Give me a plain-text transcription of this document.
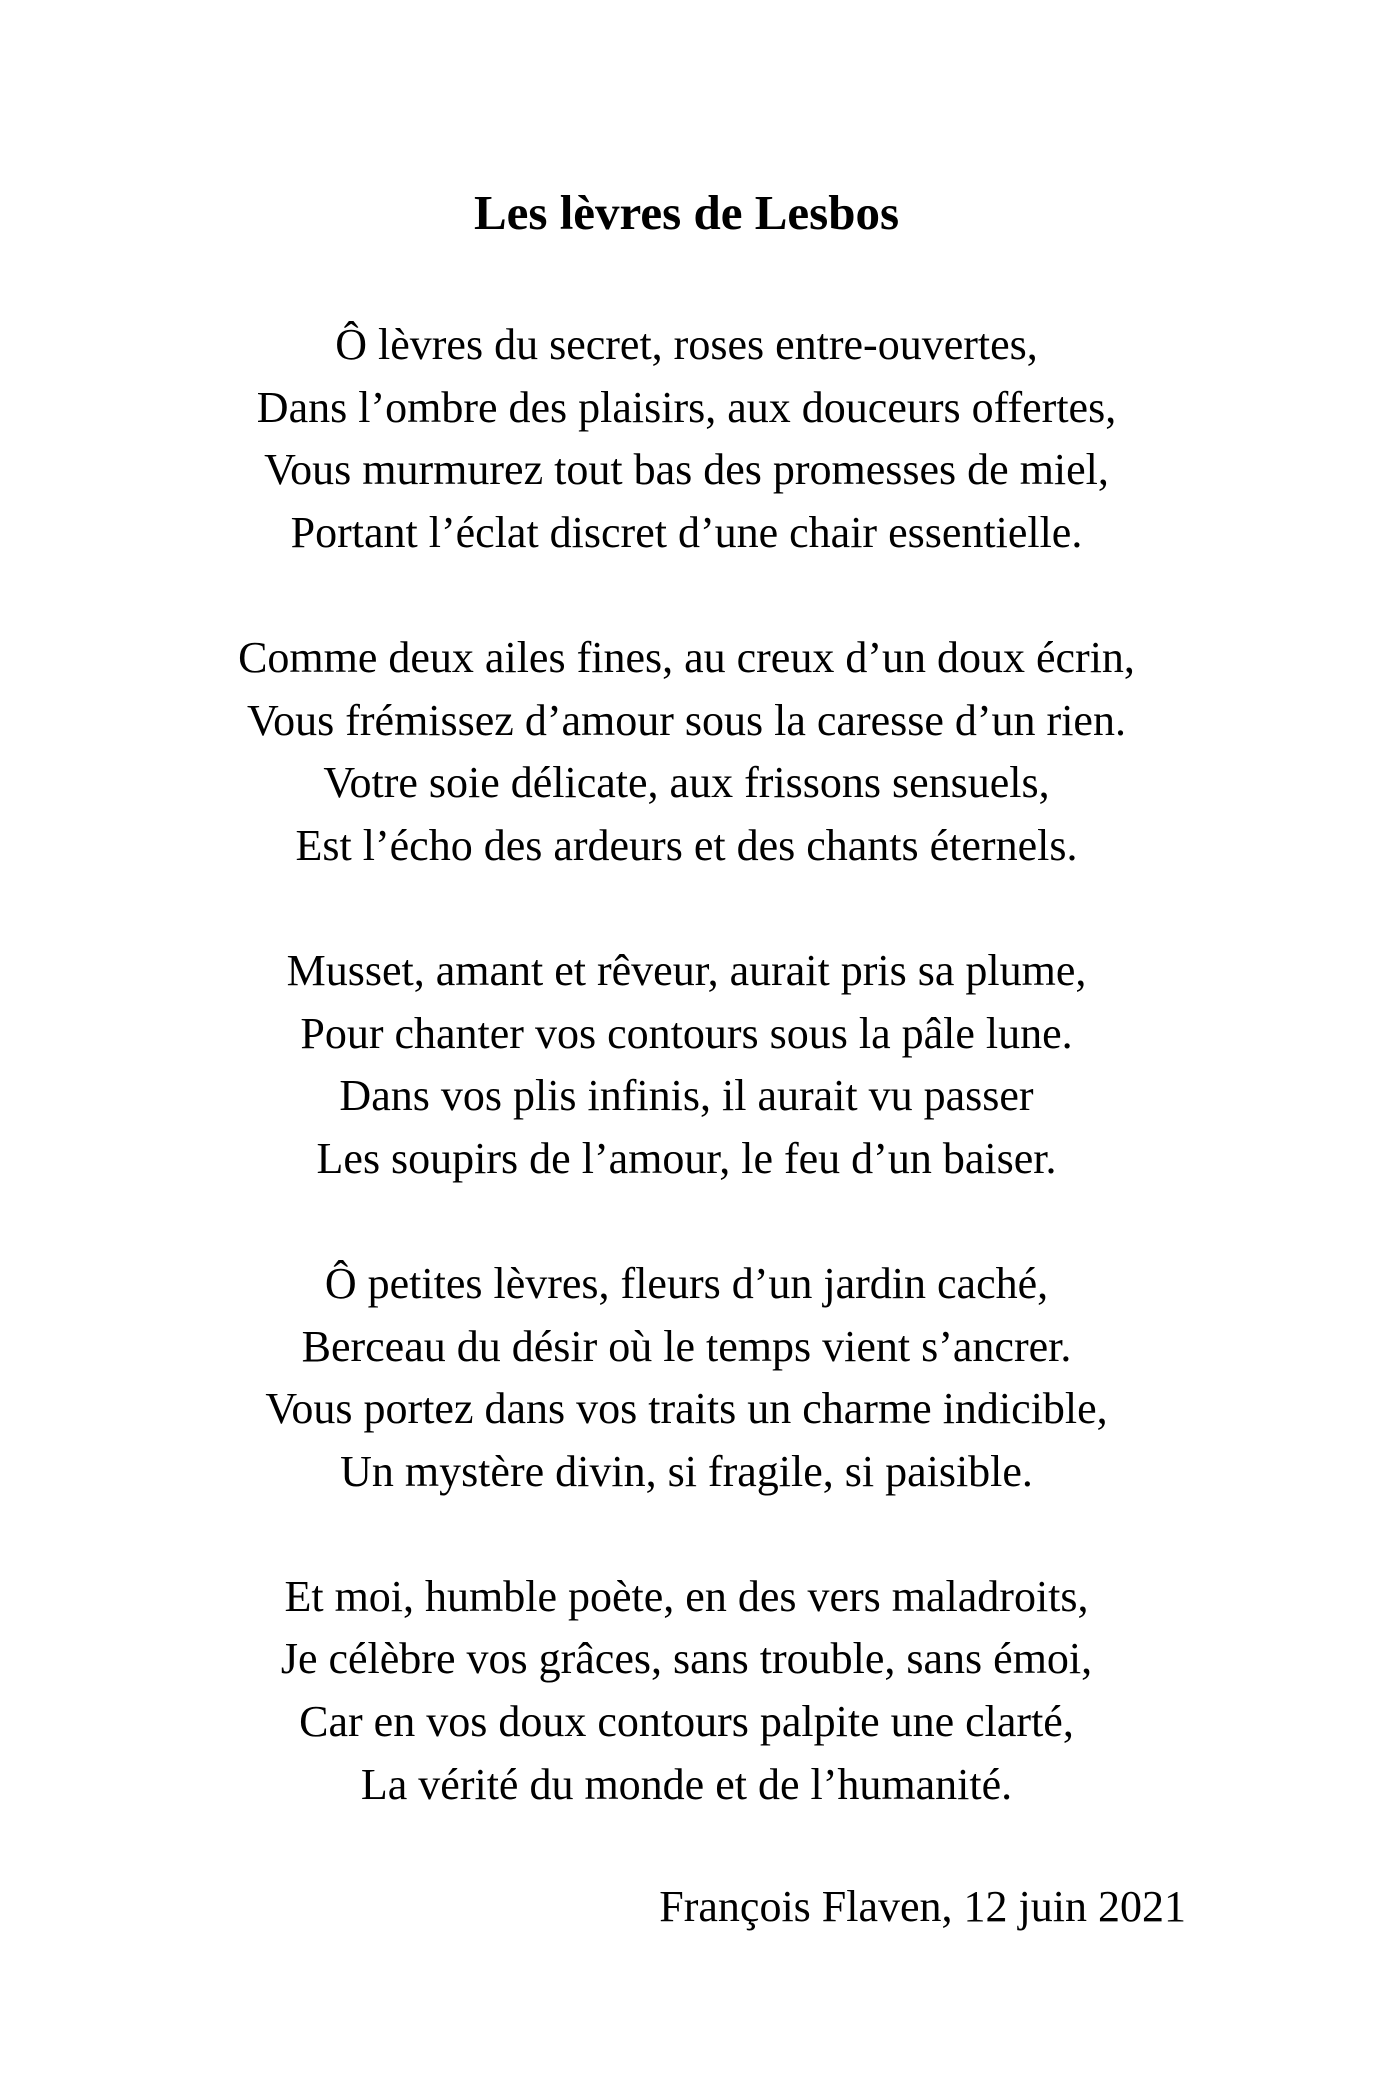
Les lèvres de Lesbos
Ô lèvres du secret, roses entre-ouvertes,
Dans l’ombre des plaisirs, aux douceurs offertes,
Vous murmurez tout bas des promesses de miel,
Portant l’éclat discret d’une chair essentielle.
Comme deux ailes fines, au creux d’un doux écrin,
Vous frémissez d’amour sous la caresse d’un rien.
Votre soie délicate, aux frissons sensuels,
Est l’écho des ardeurs et des chants éternels.
Musset, amant et rêveur, aurait pris sa plume,
Pour chanter vos contours sous la pâle lune.
Dans vos plis infinis, il aurait vu passer
Les soupirs de l’amour, le feu d’un baiser.
Ô petites lèvres, fleurs d’un jardin caché,
Berceau du désir où le temps vient s’ancrer.
Vous portez dans vos traits un charme indicible,
Un mystère divin, si fragile, si paisible.
Et moi, humble poète, en des vers maladroits,
Je célèbre vos grâces, sans trouble, sans émoi,
Car en vos doux contours palpite une clarté,
La vérité du monde et de l’humanité.
François Flaven, 12 juin 2021
